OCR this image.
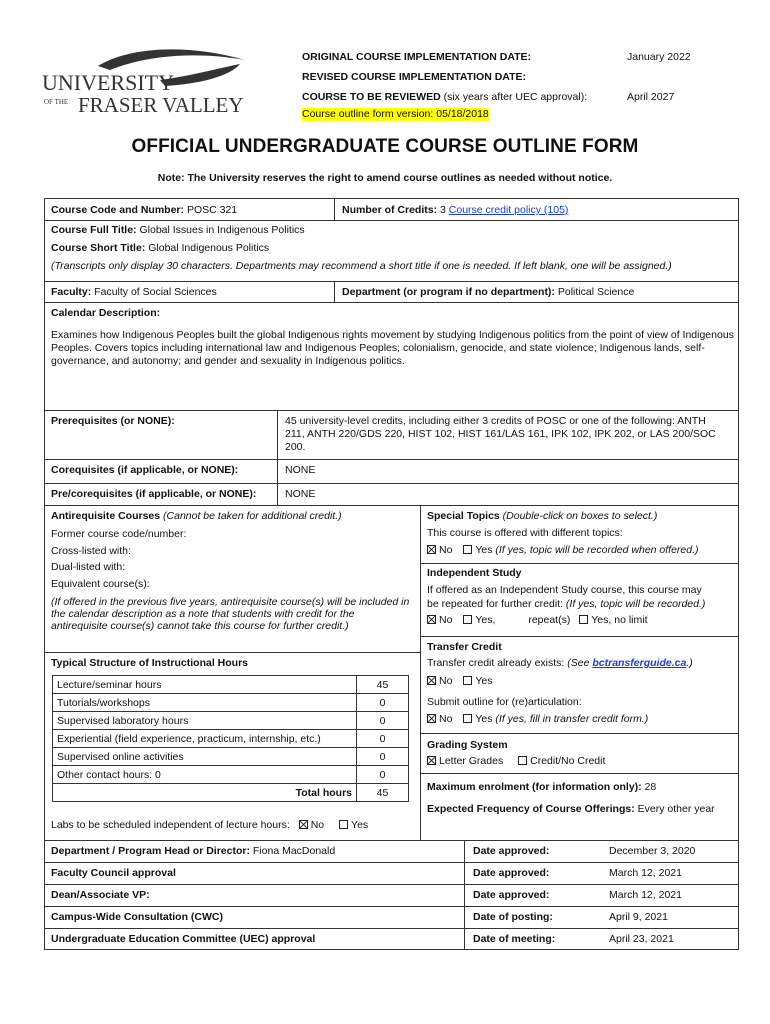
UNIVERSITY
OF THE FRASER VALLEY
ORIGINAL COURSE IMPLEMENTATION DATE:	January 2022
REVISED COURSE IMPLEMENTATION DATE:
COURSE TO BE REVIEWED (six years after UEC approval):	April 2027
Course outline form version: 05/18/2018
OFFICIAL UNDERGRADUATE COURSE OUTLINE FORM
Note: The University reserves the right to amend course outlines as needed without notice.
Course Code and Number: POSC 321	Number of Credits: 3 Course credit policy (105)
Course Full Title: Global Issues in Indigenous Politics
Course Short Title: Global Indigenous Politics
(Transcripts only display 30 characters. Departments may recommend a short title if one is needed. If left blank, one will be assigned.)
Faculty: Faculty of Social Sciences	Department (or program if no department): Political Science
Calendar Description:
Examines how Indigenous Peoples built the global Indigenous rights movement by studying Indigenous politics from the point of view of Indigenous Peoples. Covers topics including international law and Indigenous Peoples; colonialism, genocide, and state violence; Indigenous lands, self-governance, and autonomy; and gender and sexuality in Indigenous politics.
Prerequisites (or NONE):	45 university-level credits, including either 3 credits of POSC or one of the following: ANTH 211, ANTH 220/GDS 220, HIST 102, HIST 161/LAS 161, IPK 102, IPK 202, or LAS 200/SOC 200.
Corequisites (if applicable, or NONE):	NONE
Pre/corequisites (if applicable, or NONE):	NONE
Antirequisite Courses (Cannot be taken for additional credit.)
Former course code/number:
Cross-listed with:
Dual-listed with:
Equivalent course(s):
(If offered in the previous five years, antirequisite course(s) will be included in the calendar description as a note that students with credit for the antirequisite course(s) cannot take this course for further credit.)
Typical Structure of Instructional Hours
Lecture/seminar hours	45
Tutorials/workshops	0
Supervised laboratory hours	0
Experiential (field experience, practicum, internship, etc.)	0
Supervised online activities	0
Other contact hours: 0	0
Total hours	45
Labs to be scheduled independent of lecture hours: No	Yes
Special Topics (Double-click on boxes to select.)
This course is offered with different topics:
No Yes (If yes, topic will be recorded when offered.)
Independent Study
If offered as an Independent Study course, this course may
be repeated for further credit: (If yes, topic will be recorded.)
No Yes,	repeat(s) Yes, no limit
Transfer Credit
Transfer credit already exists: (See bctransferguide.ca.)
No Yes
Submit outline for (re)articulation:
No Yes (If yes, fill in transfer credit form.)
Grading System
Letter Grades	Credit/No Credit
Maximum enrolment (for information only): 28
Expected Frequency of Course Offerings: Every other year
Department / Program Head or Director: Fiona MacDonald	Date approved:	December 3, 2020
Faculty Council approval	Date approved:	March 12, 2021
Dean/Associate VP:	Date approved:	March 12, 2021
Campus-Wide Consultation (CWC)	Date of posting:	April 9, 2021
Undergraduate Education Committee (UEC) approval	Date of meeting:	April 23, 2021
